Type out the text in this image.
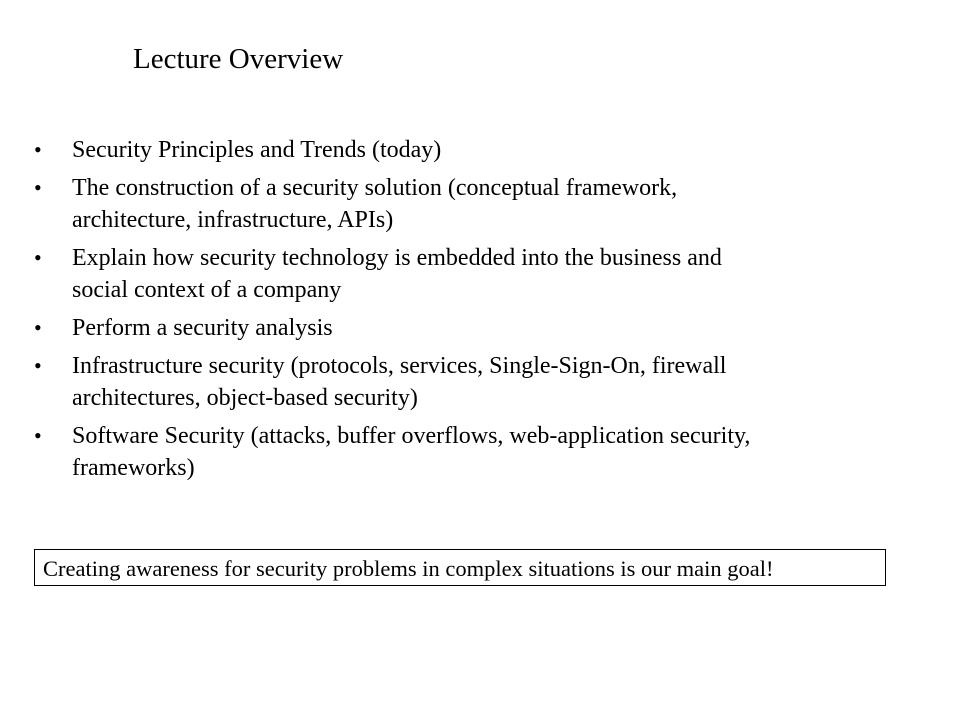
Lecture Overview
•	Security Principles and Trends (today)
•	The construction of a security solution (conceptual framework,
architecture, infrastructure, APIs)
•	Explain how security technology is embedded into the business and
social context of a company
•	Perform a security analysis
•	Infrastructure security (protocols, services, Single-Sign-On, firewall
architectures, object-based security)
•	Software Security (attacks, buffer overflows, web-application security,
frameworks)
Creating awareness for security problems in complex situations is our main goal!
